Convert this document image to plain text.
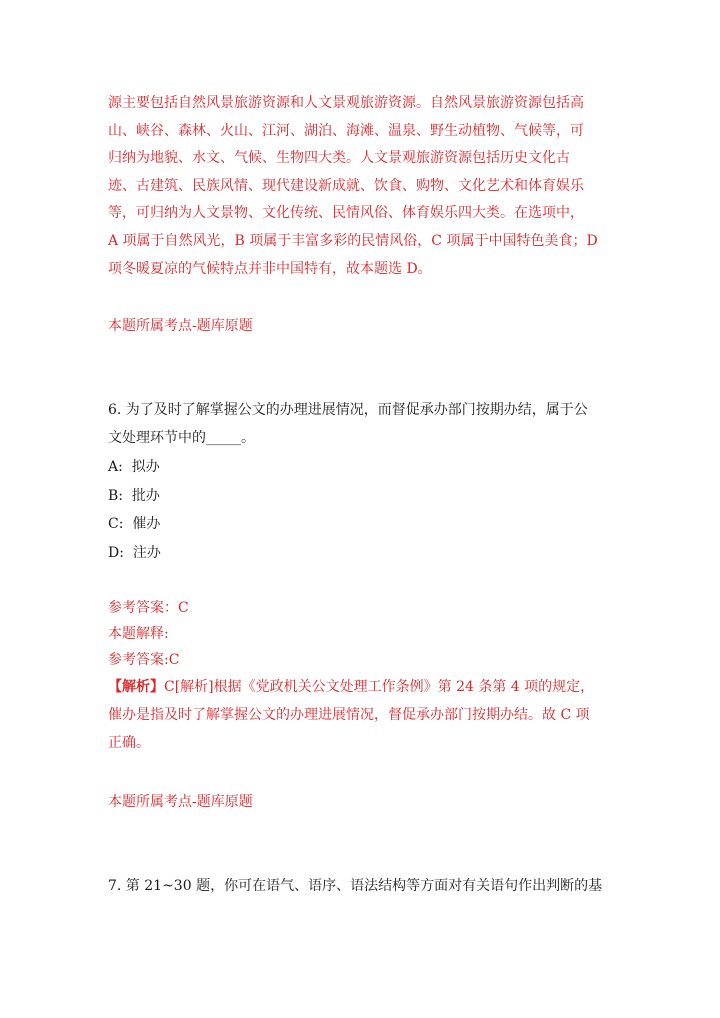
源主要包括自然风景旅游资源和人文景观旅游资源。自然风景旅游资源包括高

山、峡谷、森林、火山、江河、湖泊、海滩、温泉、野生动植物、气候等，可

归纳为地貌、水文、气候、生物四大类。人文景观旅游资源包括历史文化古

迹、古建筑、民族风情、现代建设新成就、饮食、购物、文化艺术和体育娱乐

等，可归纳为人文景物、文化传统、民情风俗、体育娱乐四大类。在选项中，

A 项属于自然风光，B 项属于丰富多彩的民情风俗，C 项属于中国特色美食；D

项冬暖夏凉的气候特点并非中国特有，故本题选 D。

本题所属考点-题库原题

6. 为了及时了解掌握公文的办理进展情况，而督促承办部门按期办结，属于公

文处理环节中的_____。

A: 拟办

B: 批办

C: 催办

D: 注办

参考答案：C

本题解释:

参考答案:C

【解析】C[解析]根据《党政机关公文处理工作条例》第 24 条第 4 项的规定，

催办是指及时了解掌握公文的办理进展情况，督促承办部门按期办结。故 C 项

正确。

本题所属考点-题库原题

7. 第 21~30 题，你可在语气、语序、语法结构等方面对有关语句作出判断的基
